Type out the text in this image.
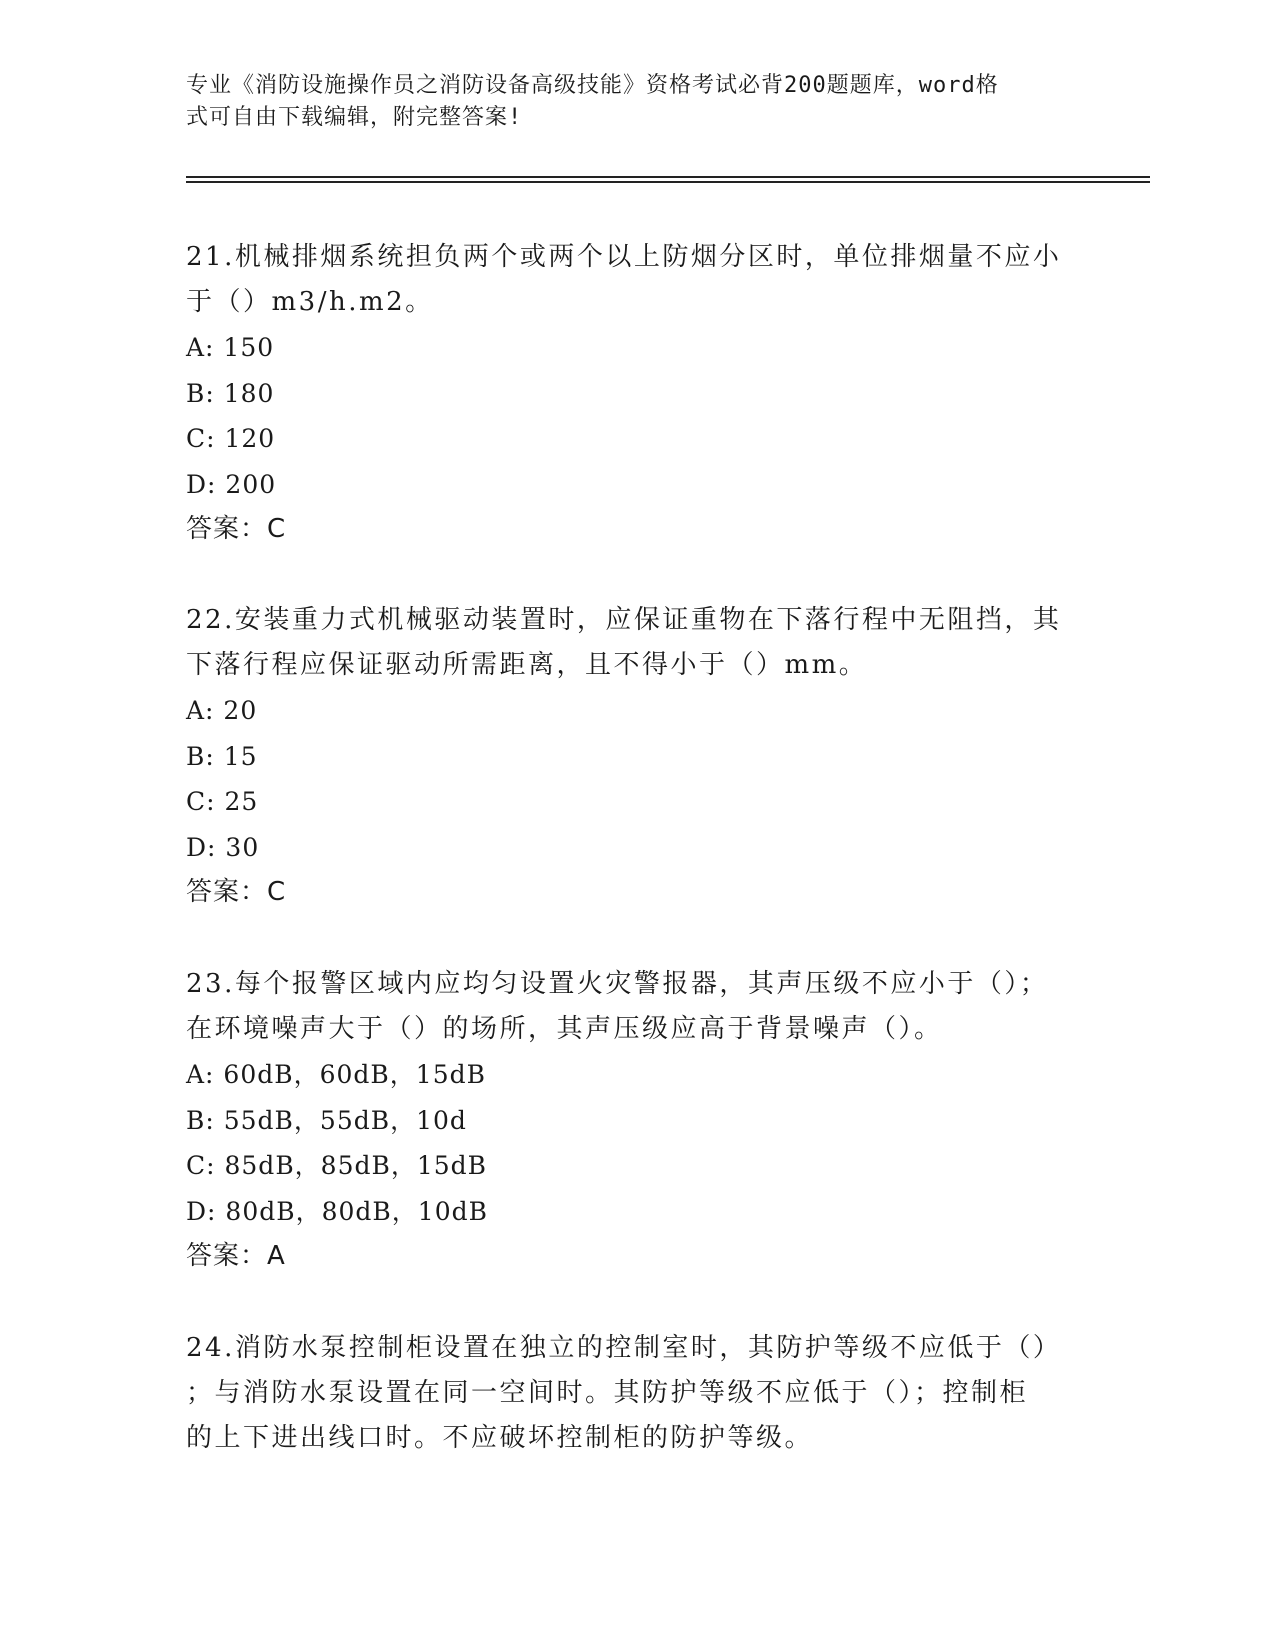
专业《消防设施操作员之消防设备高级技能》资格考试必背200题题库，word格
式可自由下载编辑，附完整答案!
21.机械排烟系统担负两个或两个以上防烟分区时，单位排烟量不应小
于（）m3/h.m2。
A: 150
B: 180
C: 120
D: 200
答案：C
22.安装重力式机械驱动装置时，应保证重物在下落行程中无阻挡，其
下落行程应保证驱动所需距离，且不得小于（）mm。
A: 20
B: 15
C: 25
D: 30
答案：C
23.每个报警区域内应均匀设置火灾警报器，其声压级不应小于（）；
在环境噪声大于（）的场所，其声压级应高于背景噪声（）。
A: 60dB，60dB，15dB
B: 55dB，55dB，10d
C: 85dB，85dB，15dB
D: 80dB，80dB，10dB
答案：A
24.消防水泵控制柜设置在独立的控制室时，其防护等级不应低于（）
；与消防水泵设置在同一空间时。其防护等级不应低于（）；控制柜
的上下进出线口时。不应破坏控制柜的防护等级。
